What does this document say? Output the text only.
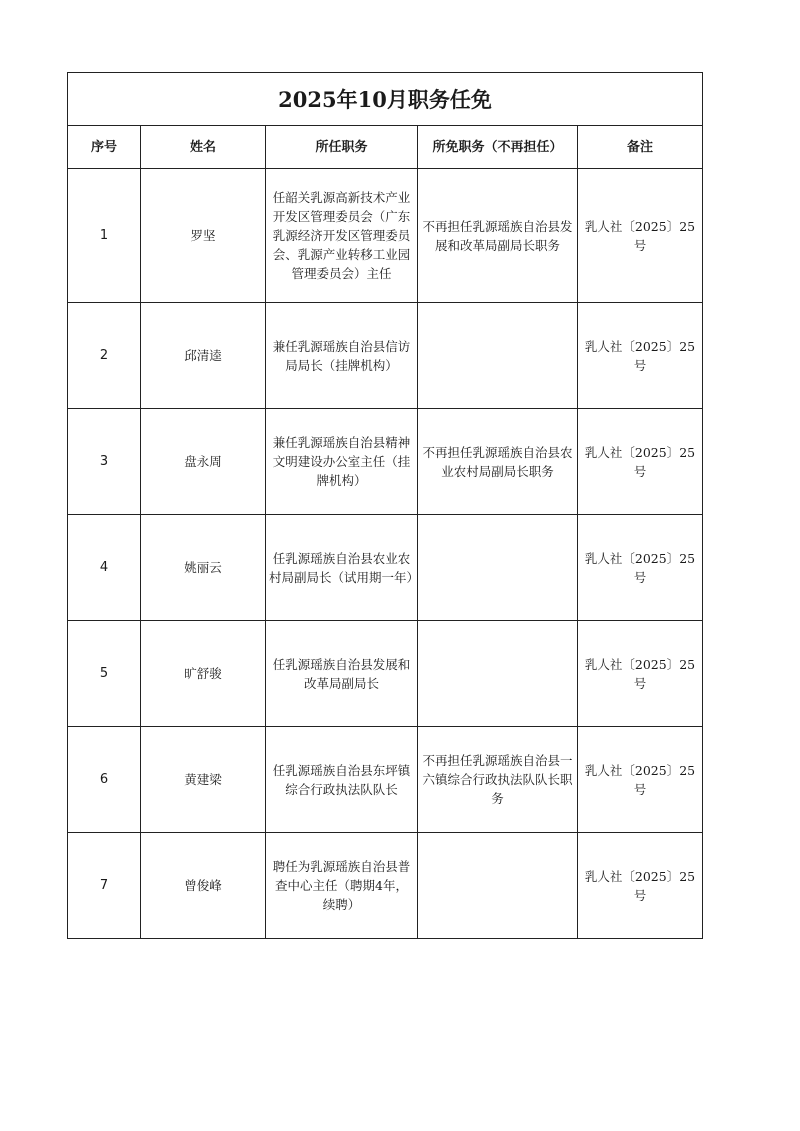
2025年10月职务任免				
序号	姓名	所任职务	所免职务（不再担任）	备注
1	罗坚	任韶关乳源高新技术产业开发区管理委员会（广东乳源经济开发区管理委员会、乳源产业转移工业园管理委员会）主任	不再担任乳源瑶族自治县发展和改革局副局长职务	乳人社〔2025〕25号
2	邱清逵	兼任乳源瑶族自治县信访局局长（挂牌机构）		乳人社〔2025〕25号
3	盘永周	兼任乳源瑶族自治县精神文明建设办公室主任（挂牌机构）	不再担任乳源瑶族自治县农业农村局副局长职务	乳人社〔2025〕25号
4	姚丽云	任乳源瑶族自治县农业农村局副局长（试用期一年）		乳人社〔2025〕25号
5	旷舒骏	任乳源瑶族自治县发展和改革局副局长		乳人社〔2025〕25号
6	黄建梁	任乳源瑶族自治县东坪镇综合行政执法队队长	不再担任乳源瑶族自治县一六镇综合行政执法队队长职务	乳人社〔2025〕25号
7	曾俊峰	聘任为乳源瑶族自治县普查中心主任（聘期4年，续聘）		乳人社〔2025〕25号
